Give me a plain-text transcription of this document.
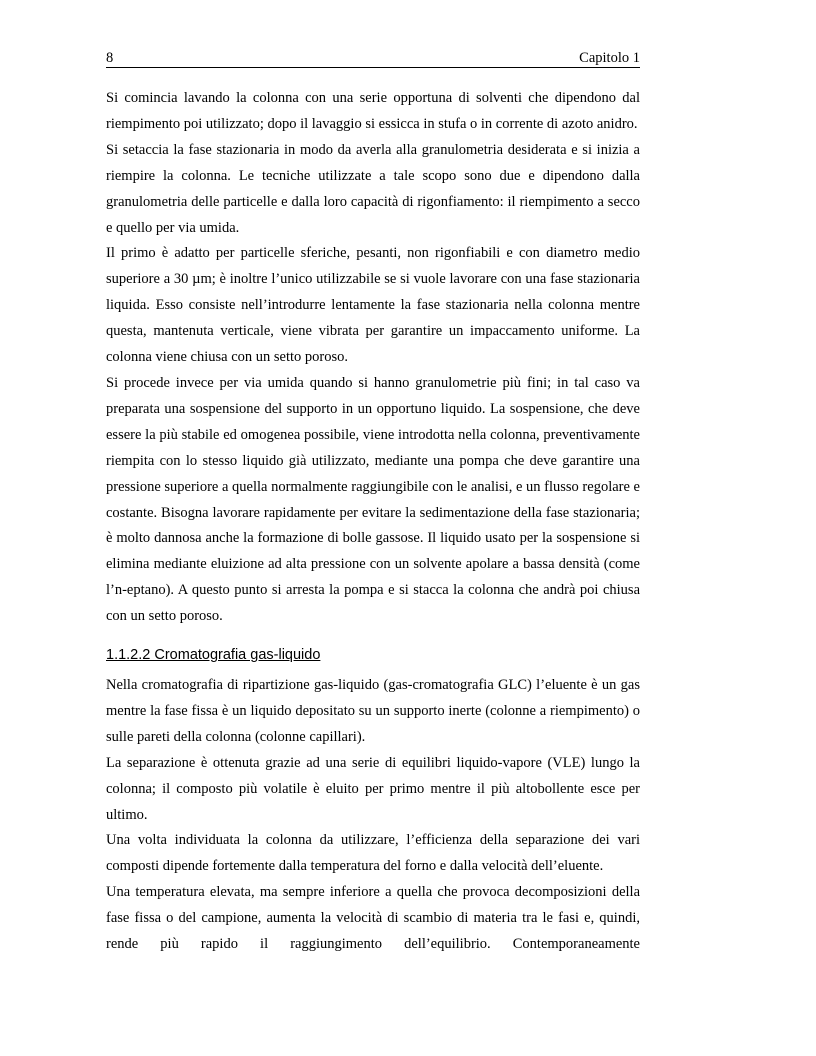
8	Capitolo 1

Si comincia lavando la colonna con una serie opportuna di solventi che dipendono dal riempimento poi utilizzato; dopo il lavaggio si essicca in stufa o in corrente di azoto anidro.

Si setaccia la fase stazionaria in modo da averla alla granulometria desiderata e si inizia a riempire la colonna. Le tecniche utilizzate a tale scopo sono due e dipendono dalla granulometria delle particelle e dalla loro capacità di rigonfiamento: il riempimento a secco e quello per via umida.

Il primo è adatto per particelle sferiche, pesanti, non rigonfiabili e con diametro medio superiore a 30 µm; è inoltre l’unico utilizzabile se si vuole lavorare con una fase stazionaria liquida. Esso consiste nell’introdurre lentamente la fase stazionaria nella colonna mentre questa, mantenuta verticale, viene vibrata per garantire un impaccamento uniforme. La colonna viene chiusa con un setto poroso.

Si procede invece per via umida quando si hanno granulometrie più fini; in tal caso va preparata una sospensione del supporto in un opportuno liquido. La sospensione, che deve essere la più stabile ed omogenea possibile, viene introdotta nella colonna, preventivamente riempita con lo stesso liquido già utilizzato, mediante una pompa che deve garantire una pressione superiore a quella normalmente raggiungibile con le analisi, e un flusso regolare e costante. Bisogna lavorare rapidamente per evitare la sedimentazione della fase stazionaria; è molto dannosa anche la formazione di bolle gassose. Il liquido usato per la sospensione si elimina mediante eluizione ad alta pressione con un solvente apolare a bassa densità (come l’n-eptano). A questo punto si arresta la pompa e si stacca la colonna che andrà poi chiusa con un setto poroso.

1.1.2.2 Cromatografia gas-liquido

Nella cromatografia di ripartizione gas-liquido (gas-cromatografia GLC) l’eluente è un gas mentre la fase fissa è un liquido depositato su un supporto inerte (colonne a riempimento) o sulle pareti della colonna (colonne capillari).

La separazione è ottenuta grazie ad una serie di equilibri liquido-vapore (VLE) lungo la colonna; il composto più volatile è eluito per primo mentre il più altobollente esce per ultimo.

Una volta individuata la colonna da utilizzare, l’efficienza della separazione dei vari composti dipende fortemente dalla temperatura del forno e dalla velocità dell’eluente.

Una temperatura elevata, ma sempre inferiore a quella che provoca decomposizioni della fase fissa o del campione, aumenta la velocità di scambio di materia tra le fasi e, quindi, rende più rapido il raggiungimento dell’equilibrio. Contemporaneamente
